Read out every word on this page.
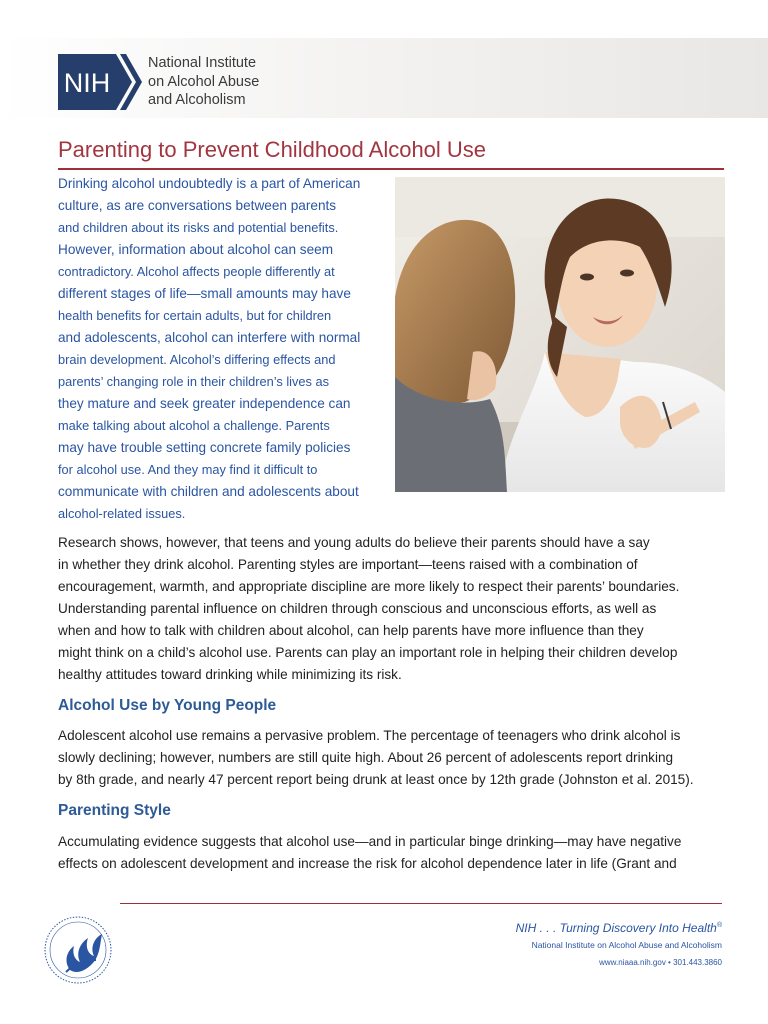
NIH
National Institute
on Alcohol Abuse
and Alcoholism
Parenting to Prevent Childhood Alcohol Use
Drinking alcohol undoubtedly is a part of American
culture, as are conversations between parents
and children about its risks and potential benefits.
However, information about alcohol can seem
contradictory. Alcohol affects people differently at
different stages of life—small amounts may have
health benefits for certain adults, but for children
and adolescents, alcohol can interfere with normal
brain development. Alcohol’s differing effects and
parents’ changing role in their children’s lives as
they mature and seek greater independence can
make talking about alcohol a challenge. Parents
may have trouble setting concrete family policies
for alcohol use. And they may find it difficult to
communicate with children and adolescents about
alcohol-related issues.
Research shows, however, that teens and young adults do believe their parents should have a say
in whether they drink alcohol. Parenting styles are important—teens raised with a combination of
encouragement, warmth, and appropriate discipline are more likely to respect their parents’ boundaries.
Understanding parental influence on children through conscious and unconscious efforts, as well as
when and how to talk with children about alcohol, can help parents have more influence than they
might think on a child’s alcohol use. Parents can play an important role in helping their children develop
healthy attitudes toward drinking while minimizing its risk.
Alcohol Use by Young People
Adolescent alcohol use remains a pervasive problem. The percentage of teenagers who drink alcohol is
slowly declining; however, numbers are still quite high. About 26 percent of adolescents report drinking
by 8th grade, and nearly 47 percent report being drunk at least once by 12th grade (Johnston et al. 2015).
Parenting Style
Accumulating evidence suggests that alcohol use—and in particular binge drinking—may have negative
effects on adolescent development and increase the risk for alcohol dependence later in life (Grant and
NIH . . . Turning Discovery Into Health®
National Institute on Alcohol Abuse and Alcoholism
www.niaaa.nih.gov • 301.443.3860
